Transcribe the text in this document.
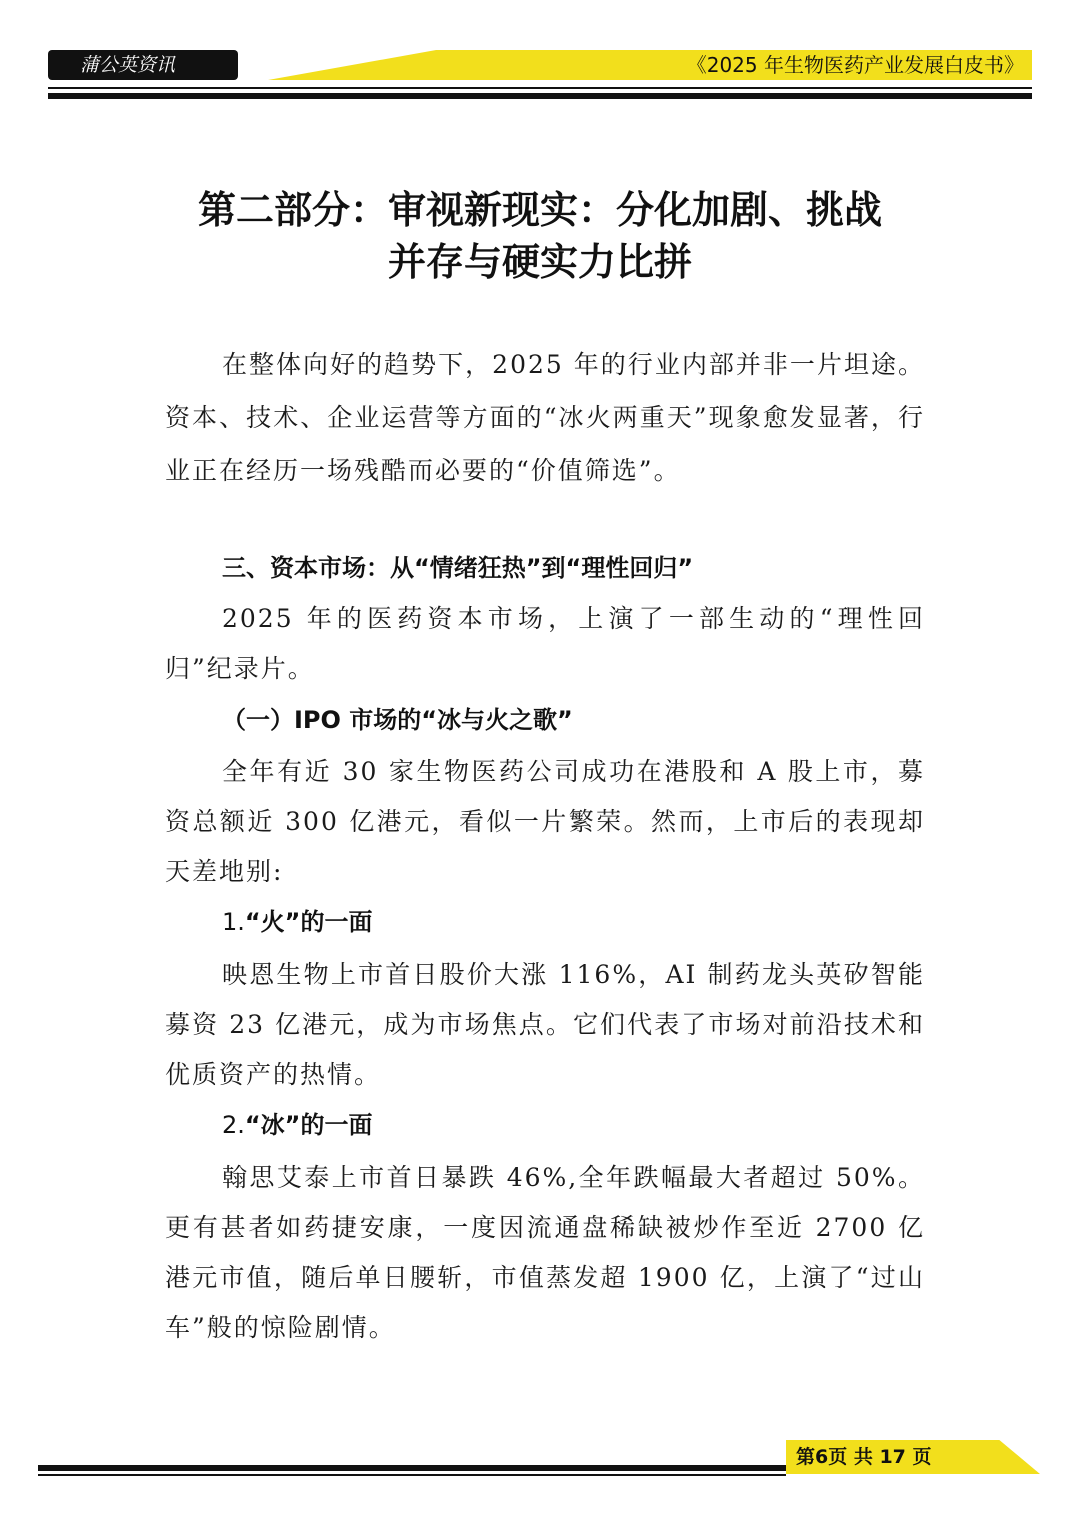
蒲公英资讯	《2025 年生物医药产业发展白皮书》
第二部分：审视新现实：分化加剧、挑战
并存与硬实力比拼
在整体向好的趋势下，2025 年的行业内部并非一片坦途。资本、技术、企业运营等方面的“冰火两重天”现象愈发显著，行业正在经历一场残酷而必要的“价值筛选”。
三、资本市场：从“情绪狂热”到“理性回归”
2025 年的医药资本市场，上演了一部生动的“理性回归”纪录片。
（一）IPO 市场的“冰与火之歌”
全年有近 30 家生物医药公司成功在港股和 A 股上市，募资总额近 300 亿港元，看似一片繁荣。然而，上市后的表现却天差地别:
1.“火”的一面
映恩生物上市首日股价大涨 116%，AI 制药龙头英矽智能募资 23 亿港元，成为市场焦点。它们代表了市场对前沿技术和优质资产的热情。
2.“冰”的一面
翰思艾泰上市首日暴跌 46%,全年跌幅最大者超过 50%。更有甚者如药捷安康，一度因流通盘稀缺被炒作至近 2700 亿港元市值，随后单日腰斩，市值蒸发超 1900 亿，上演了“过山车”般的惊险剧情。
第6页 共 17 页
